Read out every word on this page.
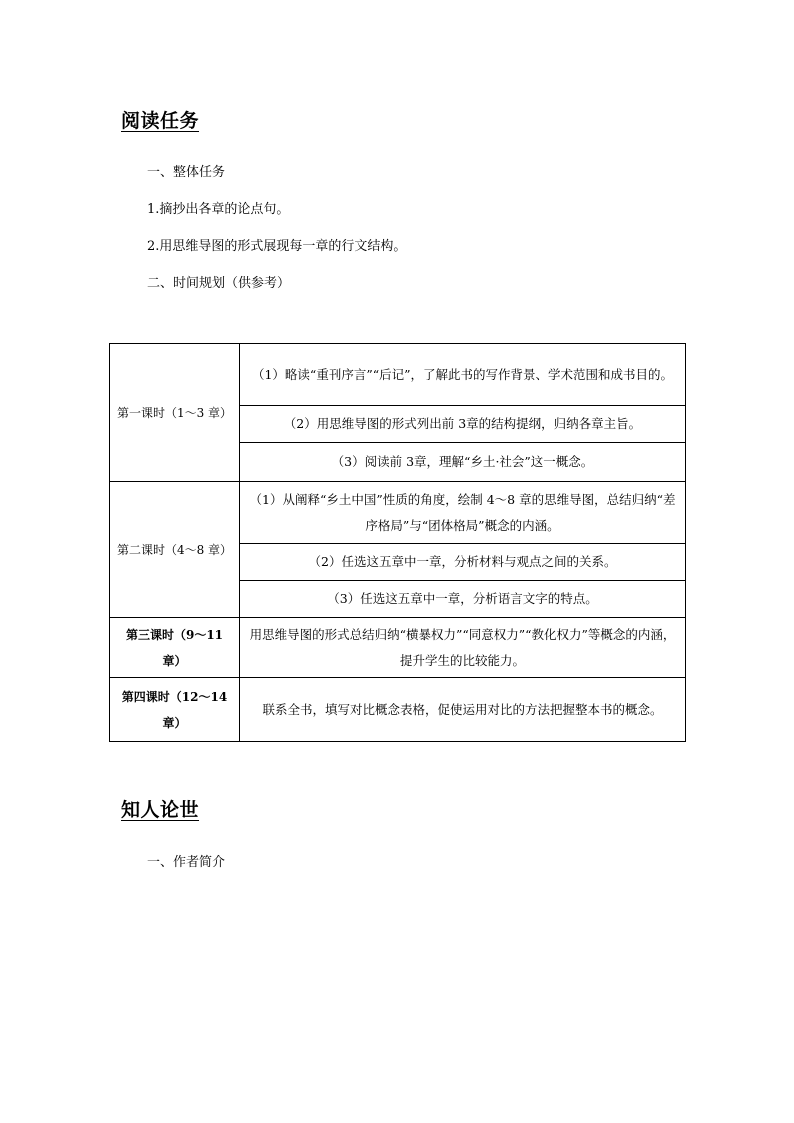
阅读任务
一、整体任务
1.摘抄出各章的论点句。
2.用思维导图的形式展现每一章的行文结构。
二、时间规划（供参考）
第一课时（1～3 章）	（1）略读“重刊序言”“后记”，了解此书的写作背景、学术范围和成书目的。
	（2）用思维导图的形式列出前 3章的结构提纲，归纳各章主旨。
	（3）阅读前 3章，理解“乡土·社会”这一概念。
第二课时（4～8 章）	（1）从阐释“乡土中国”性质的角度，绘制 4～8 章的思维导图，总结归纳“差序格局”与“团体格局”概念的内涵。
	（2）任选这五章中一章，分析材料与观点之间的关系。
	（3）任选这五章中一章，分析语言文字的特点。
第三课时（9～11 章）	用思维导图的形式总结归纳“横暴权力”“同意权力”“教化权力”等概念的内涵，提升学生的比较能力。
第四课时（12～14 章）	联系全书，填写对比概念表格，促使运用对比的方法把握整本书的概念。
知人论世
一、作者简介
